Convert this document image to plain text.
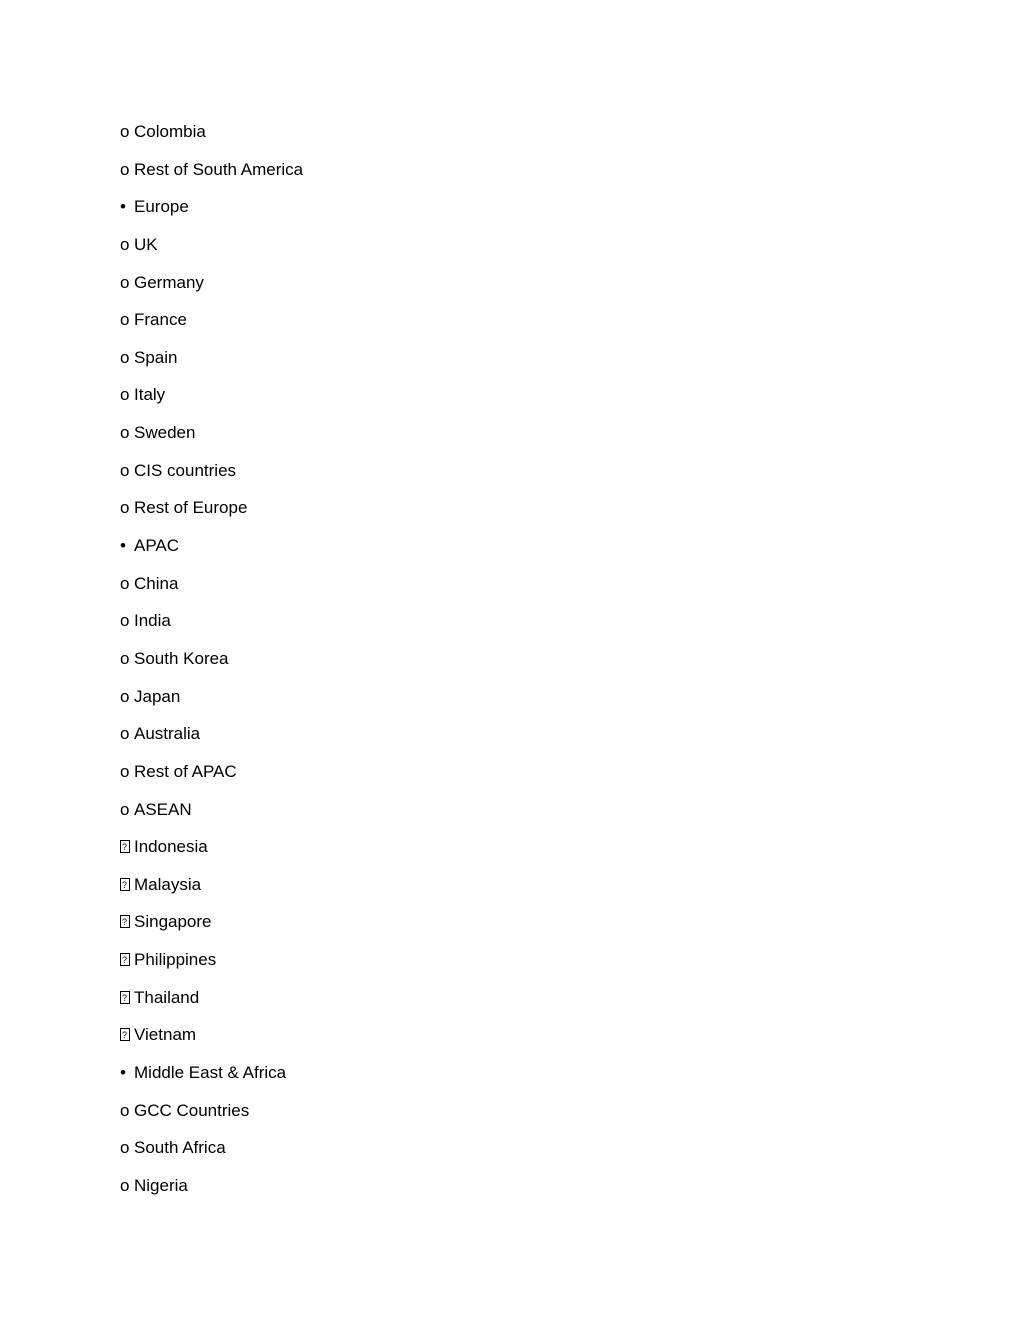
o Colombia
o Rest of South America
• Europe
o UK
o Germany
o France
o Spain
o Italy
o Sweden
o CIS countries
o Rest of Europe
• APAC
o China
o India
o South Korea
o Japan
o Australia
o Rest of APAC
o ASEAN
?Indonesia
?Malaysia
?Singapore
?Philippines
?Thailand
?Vietnam
• Middle East & Africa
o GCC Countries
o South Africa
o Nigeria
